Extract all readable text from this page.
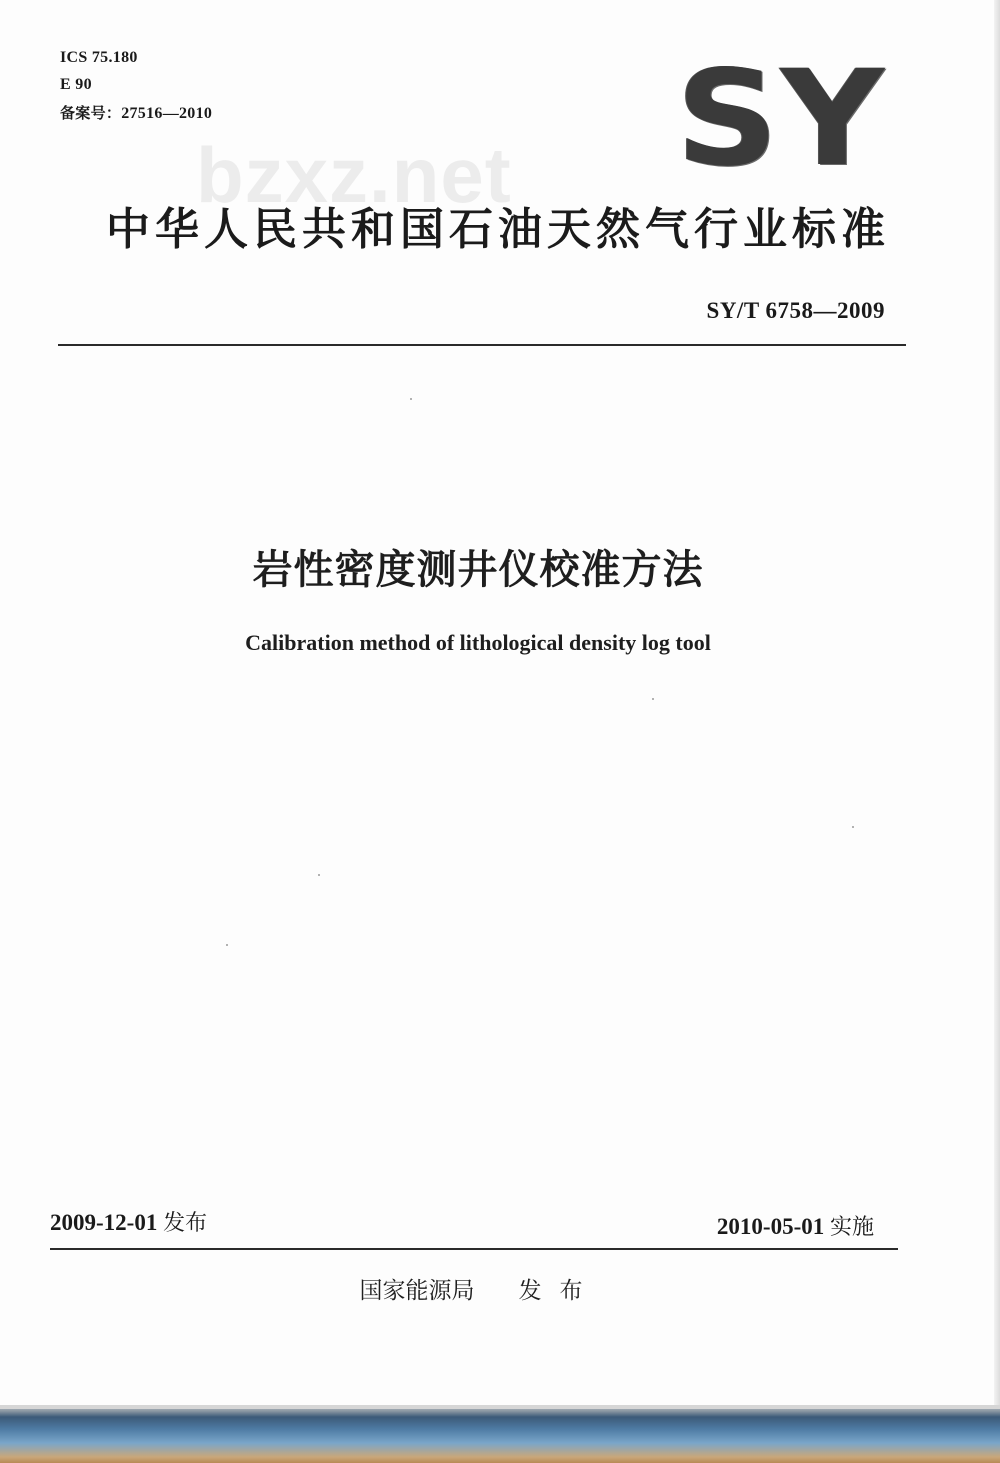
ICS 75.180
E 90
备案号：27516—2010	SY
bzxz.net
中华人民共和国石油天然气行业标准
SY/T 6758—2009
岩性密度测井仪校准方法
Calibration method of lithological density log tool
2009-12-01 发布	2010-05-01 实施
国家能源局 发布
